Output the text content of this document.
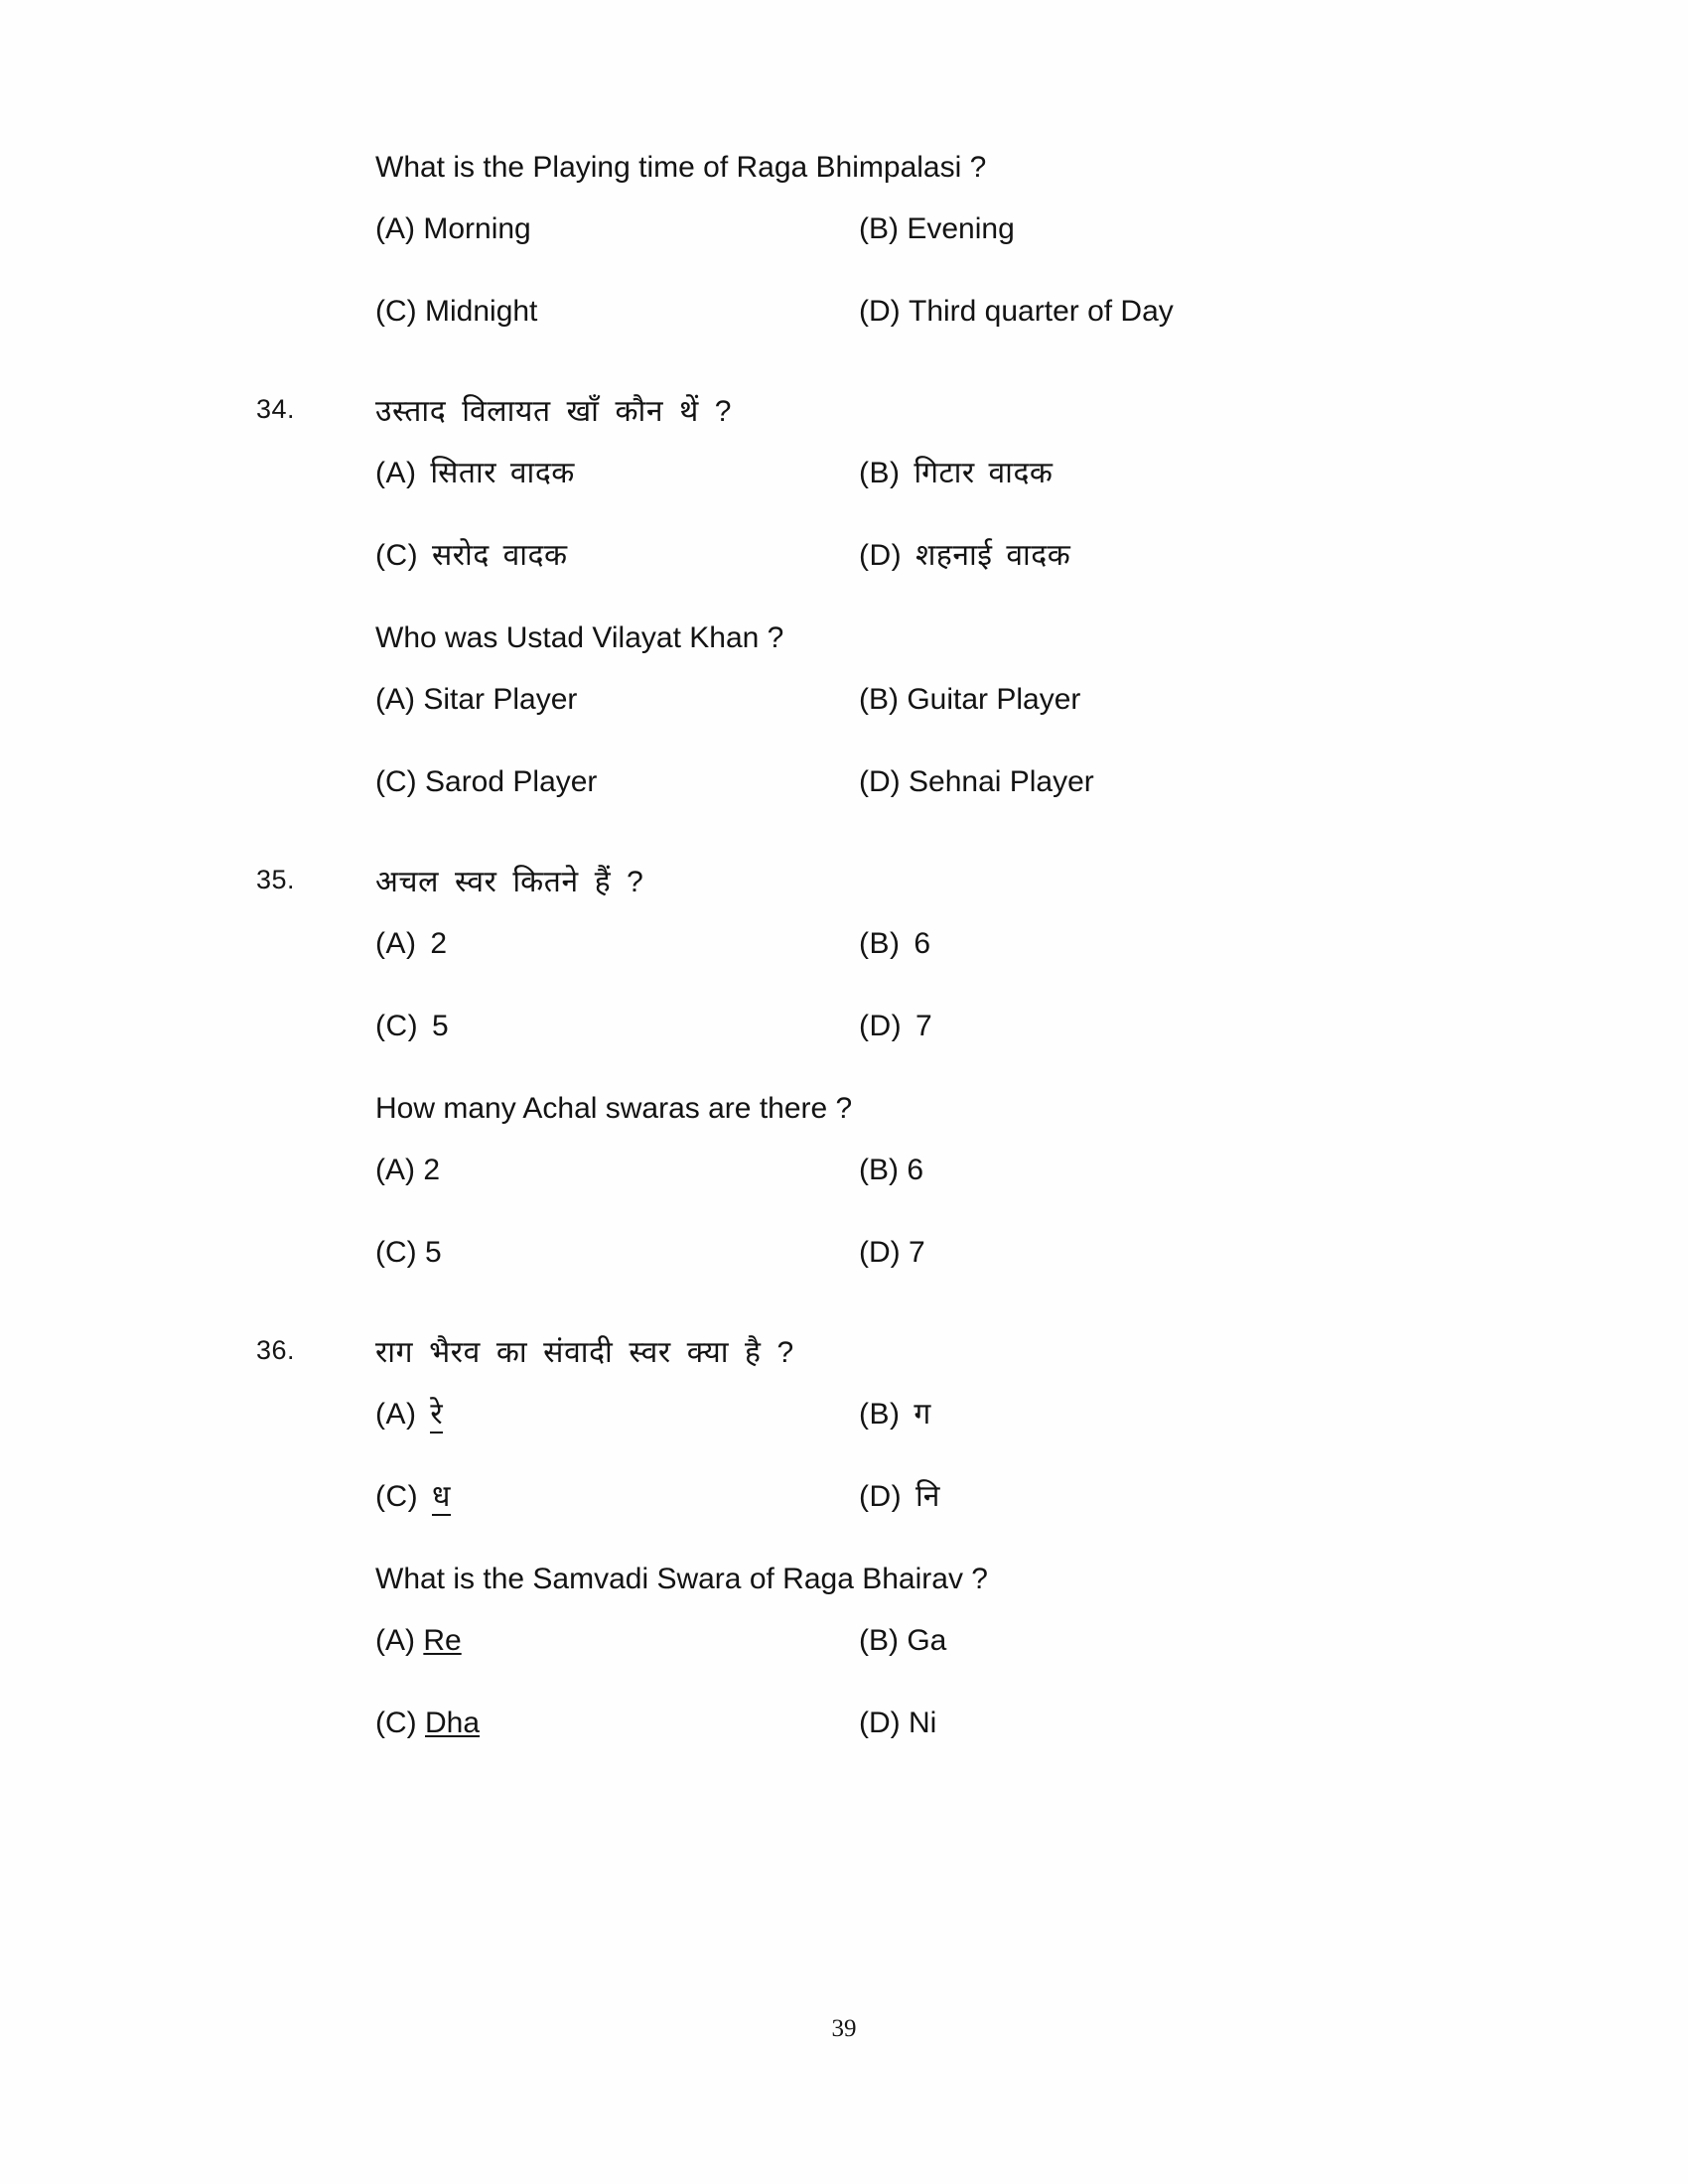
What is the Playing time of Raga Bhimpalasi ?
(A) Morning	(B) Evening
(C) Midnight	(D) Third quarter of Day
34.	उस्ताद विलायत खाँ कौन थें ?
(A) सितार वादक	(B) गिटार वादक
(C) सरोद वादक	(D) शहनाई वादक
Who was Ustad Vilayat Khan ?
(A) Sitar Player	(B) Guitar Player
(C) Sarod Player	(D) Sehnai Player
35.	अचल स्वर कितने हैं ?
(A) 2	(B) 6
(C) 5	(D) 7
How many Achal swaras are there ?
(A) 2	(B) 6
(C) 5	(D) 7
36.	राग भैरव का संवादी स्वर क्या है ?
(A) रे	(B) ग
(C) ध	(D) नि
What is the Samvadi Swara of Raga Bhairav ?
(A) Re	(B) Ga
(C) Dha	(D) Ni
39
